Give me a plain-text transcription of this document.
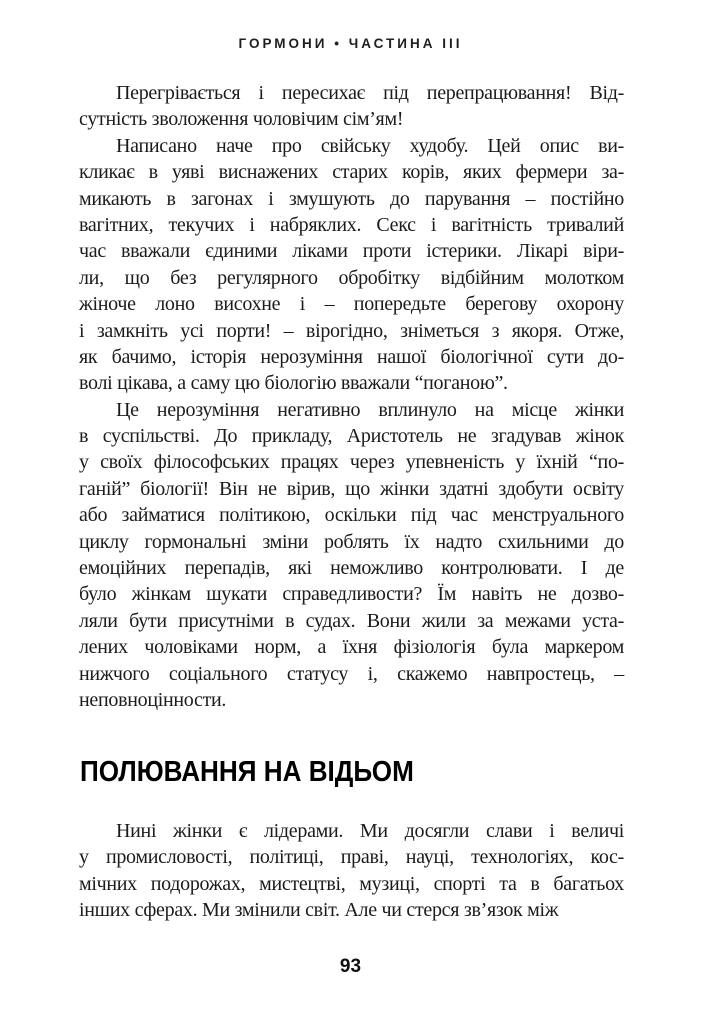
ГОРМОНИ • ЧАСТИНА III
Перегрівається і пересихає під перепрацювання! Від-
сутність зволоження чоловічим сім’ям!
Написано наче про свійську худобу. Цей опис ви-
кликає в уяві виснажених старих корів, яких фермери за-
микають в загонах і змушують до парування – постійно
вагітних, текучих і набряклих. Секс і вагітність тривалий
час вважали єдиними ліками проти істерики. Лікарі віри-
ли, що без регулярного обробітку відбійним молотком
жіноче лоно висохне і – попередьте берегову охорону
і замкніть усі порти! – вірогідно, зніметься з якоря. Отже,
як бачимо, історія нерозуміння нашої біологічної сути до-
волі цікава, а саму цю біологію вважали “поганою”.
Це нерозуміння негативно вплинуло на місце жінки
в суспільстві. До прикладу, Аристотель не згадував жінок
у своїх філософських працях через упевненість у їхній “по-
ганій” біології! Він не вірив, що жінки здатні здобути освіту
або займатися політикою, оскільки під час менструального
циклу гормональні зміни роблять їх надто схильними до
емоційних перепадів, які неможливо контролювати. І де
було жінкам шукати справедливости? Їм навіть не дозво-
ляли бути присутніми в судах. Вони жили за межами уста-
лених чоловіками норм, а їхня фізіологія була маркером
нижчого соціального статусу і, скажемо навпростець, –
неповноцінности.
ПОЛЮВАННЯ НА ВІДЬОМ
Нині жінки є лідерами. Ми досягли слави і величі
у промисловості, політиці, праві, науці, технологіях, кос-
мічних подорожах, мистецтві, музиці, спорті та в багатьох
інших сферах. Ми змінили світ. Але чи стерся зв’язок між
93
